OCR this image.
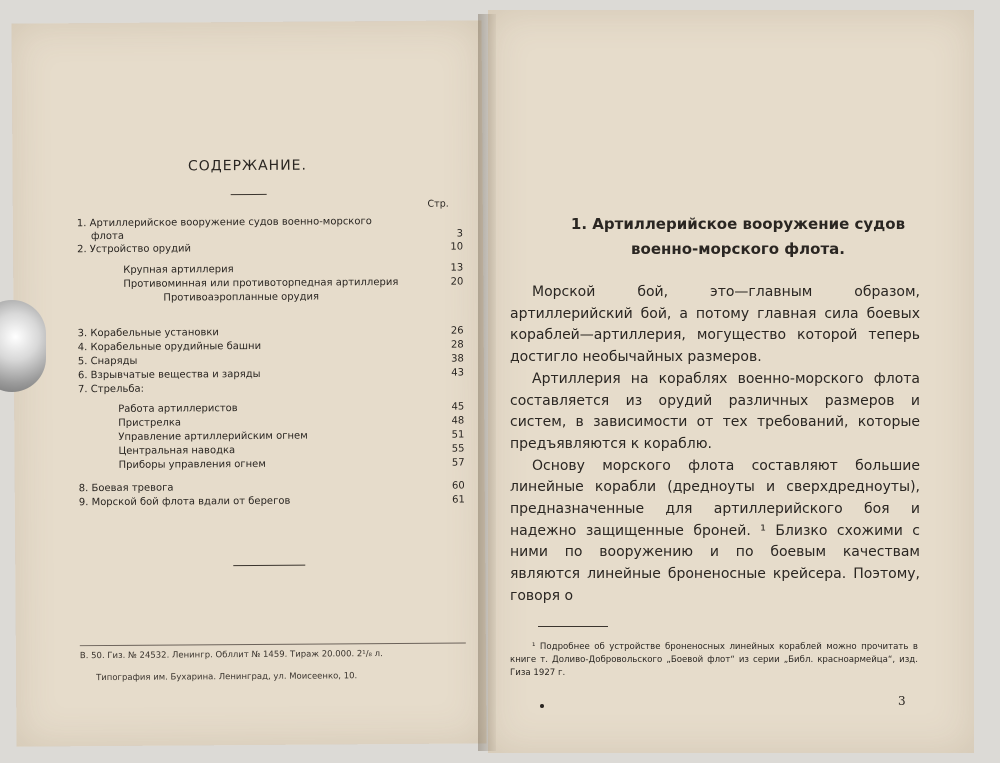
СОДЕРЖАНИЕ.
Стр.
1. Артиллерийское вооружение судов военно-морского
флота	3
2. Устройство орудий	10
Крупная артиллерия	13
Противоминная или противоторпедная артиллерия	20
Противоаэропланные орудия
3. Корабельные установки	26
4. Корабельные орудийные башни	28
5. Снаряды	38
6. Взрывчатые вещества и заряды	43
7. Стрельба:
Работа артиллеристов	45
Пристрелка	48
Управление артиллерийским огнем	51
Центральная наводка	55
Приборы управления огнем	57
8. Боевая тревога	60
9. Морской бой флота вдали от берегов	61
В. 50. Гиз. № 24532. Ленингр. Обллит № 1459. Тираж 20.000. 2¹/₈ л.
Типография им. Бухарина. Ленинград, ул. Моисеенко, 10.
1. Артиллерийское вооружение судов
военно-морского флота.

Морской бой, это—главным образом, артиллерийский бой, а потому главная сила боевых кораблей—артиллерия, могущество которой теперь достигло необычайных размеров.

Артиллерия на кораблях военно-морского флота составляется из орудий различных размеров и систем, в зависимости от тех требований, которые предъявляются к кораблю.

Основу морского флота составляют большие линейные корабли (дредноуты и сверхдредноуты), предназначенные для артиллерийского боя и надежно защищенные броней. ¹ Близко схожими с ними по вооружению и по боевым качествам являются линейные броненосные крейсера. Поэтому, говоря о

¹ Подробнее об устройстве броненосных линейных кораблей можно прочитать в книге т. Доливо-Добровольского „Боевой флот“ из серии „Библ. красноармейца“, изд. Гиза 1927 г.

3
